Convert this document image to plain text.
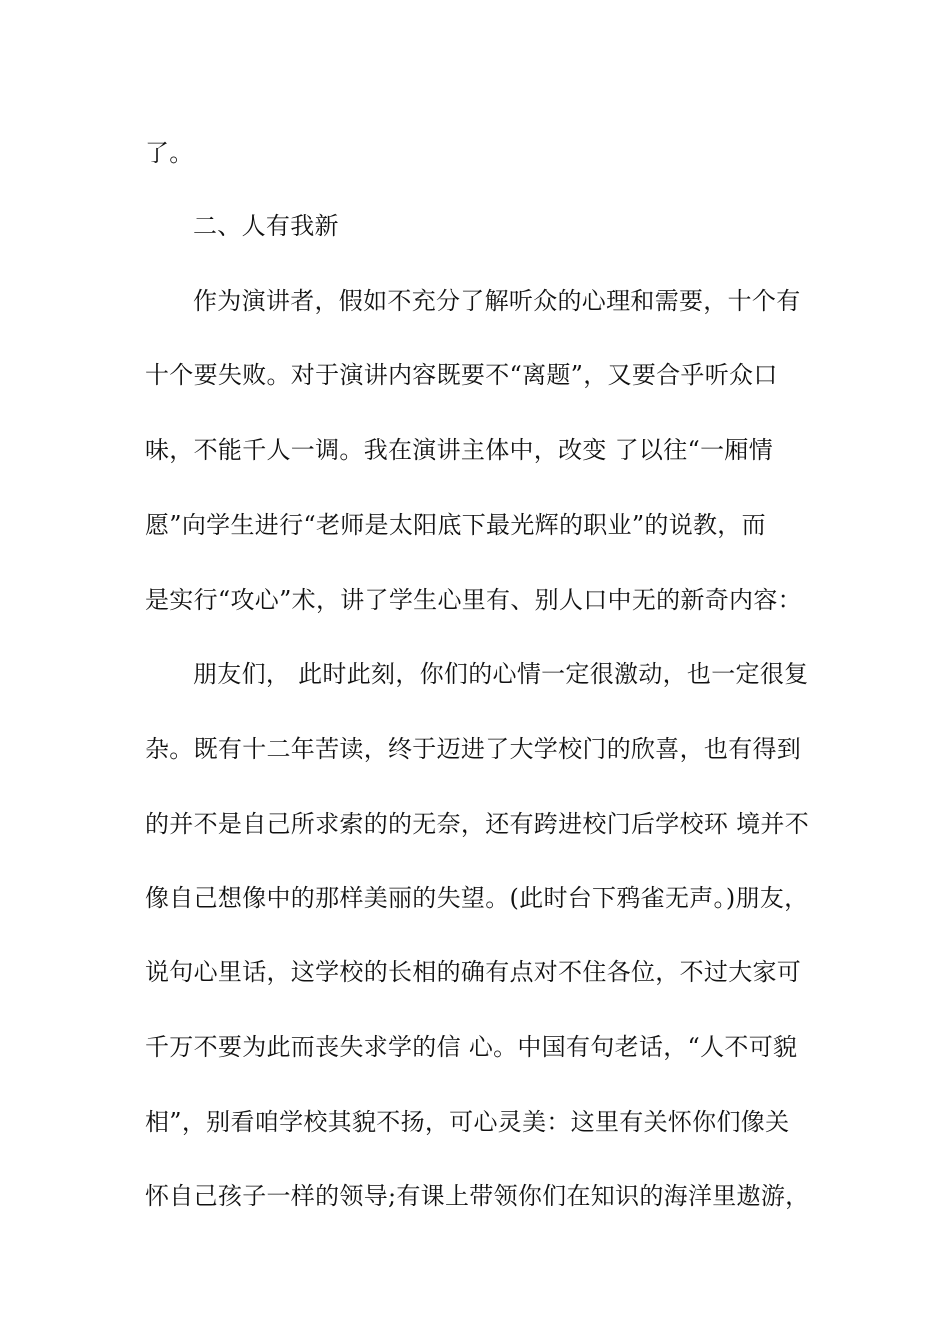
了。
二、人有我新
作为演讲者，假如不充分了解听众的心理和需要，十个有
十个要失败。对于演讲内容既要不“离题”，又要合乎听众口
味，不能千人一调。我在演讲主体中，改变 了以往“一厢情
愿”向学生进行“老师是太阳底下最光辉的职业”的说教，而
是实行“攻心”术，讲了学生心里有、别人口中无的新奇内容：
朋友们， 此时此刻，你们的心情一定很激动，也一定很复
杂。既有十二年苦读，终于迈进了大学校门的欣喜，也有得到
的并不是自己所求索的的无奈，还有跨进校门后学校环 境并不
像自己想像中的那样美丽的失望。(此时台下鸦雀无声。)朋友，
说句心里话，这学校的长相的确有点对不住各位，不过大家可
千万不要为此而丧失求学的信 心。中国有句老话，“人不可貌
相”，别看咱学校其貌不扬，可心灵美：这里有关怀你们像关
怀自己孩子一样的领导;有课上带领你们在知识的海洋里遨游，
